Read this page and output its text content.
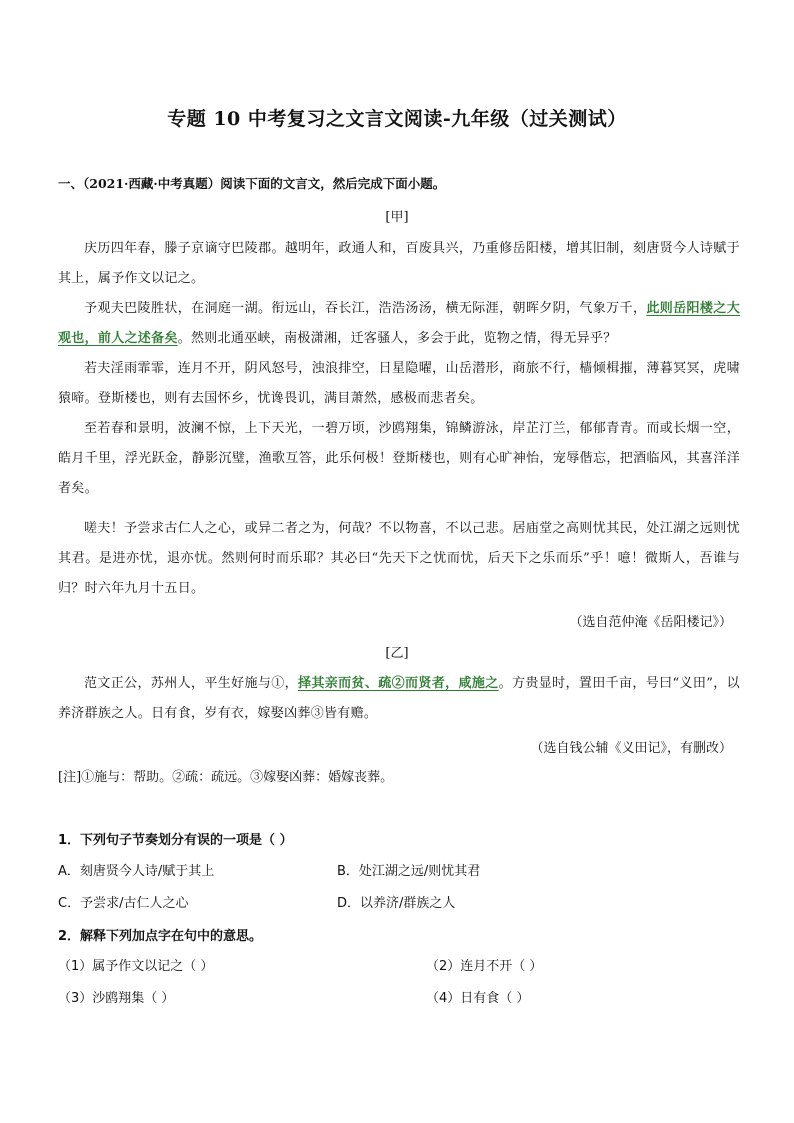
专题 10 中考复习之文言文阅读-九年级（过关测试）
一、（2021·西藏·中考真题）阅读下面的文言文，然后完成下面小题。
[甲]
庆历四年春，滕子京谪守巴陵郡。越明年，政通人和，百废具兴，乃重修岳阳楼，增其旧制，刻唐贤今人诗赋于其上，属予作文以记之。
予观夫巴陵胜状，在洞庭一湖。衔远山，吞长江，浩浩汤汤，横无际涯，朝晖夕阴，气象万千，此则岳阳楼之大观也，前人之述备矣。然则北通巫峡，南极潇湘，迁客骚人，多会于此，览物之情，得无异乎？
若夫淫雨霏霏，连月不开，阴风怒号，浊浪排空，日星隐曜，山岳潜形，商旅不行，樯倾楫摧，薄暮冥冥，虎啸猿啼。登斯楼也，则有去国怀乡，忧谗畏讥，满目萧然，感极而悲者矣。
至若春和景明，波澜不惊，上下天光，一碧万顷，沙鸥翔集，锦鳞游泳，岸芷汀兰，郁郁青青。而或长烟一空，皓月千里，浮光跃金，静影沉璧，渔歌互答，此乐何极！登斯楼也，则有心旷神怡，宠辱偕忘，把酒临风，其喜洋洋者矣。
嗟夫！予尝求古仁人之心，或异二者之为，何哉？不以物喜，不以己悲。居庙堂之高则忧其民，处江湖之远则忧其君。是进亦忧，退亦忧。然则何时而乐耶？其必曰“先天下之忧而忧，后天下之乐而乐”乎！噫！微斯人，吾谁与归？时六年九月十五日。
（选自范仲淹《岳阳楼记》）
[乙]
范文正公，苏州人，平生好施与①，择其亲而贫、疏②而贤者，咸施之。方贵显时，置田千亩，号曰“义田”，以养济群族之人。日有食，岁有衣，嫁娶凶葬③皆有赡。
（选自钱公辅《义田记》，有删改）
[注]①施与：帮助。②疏：疏远。③嫁娶凶葬：婚嫁丧葬。
1．下列句子节奏划分有误的一项是（ ）
A．刻唐贤今人诗/赋于其上	B．处江湖之远/则忧其君
C．予尝求/古仁人之心	D．以养济/群族之人
2．解释下列加点字在句中的意思。
（1）属予作文以记之（ ）	（2）连月不开（ ）
（3）沙鸥翔集（ ）	（4）日有食（ ）
